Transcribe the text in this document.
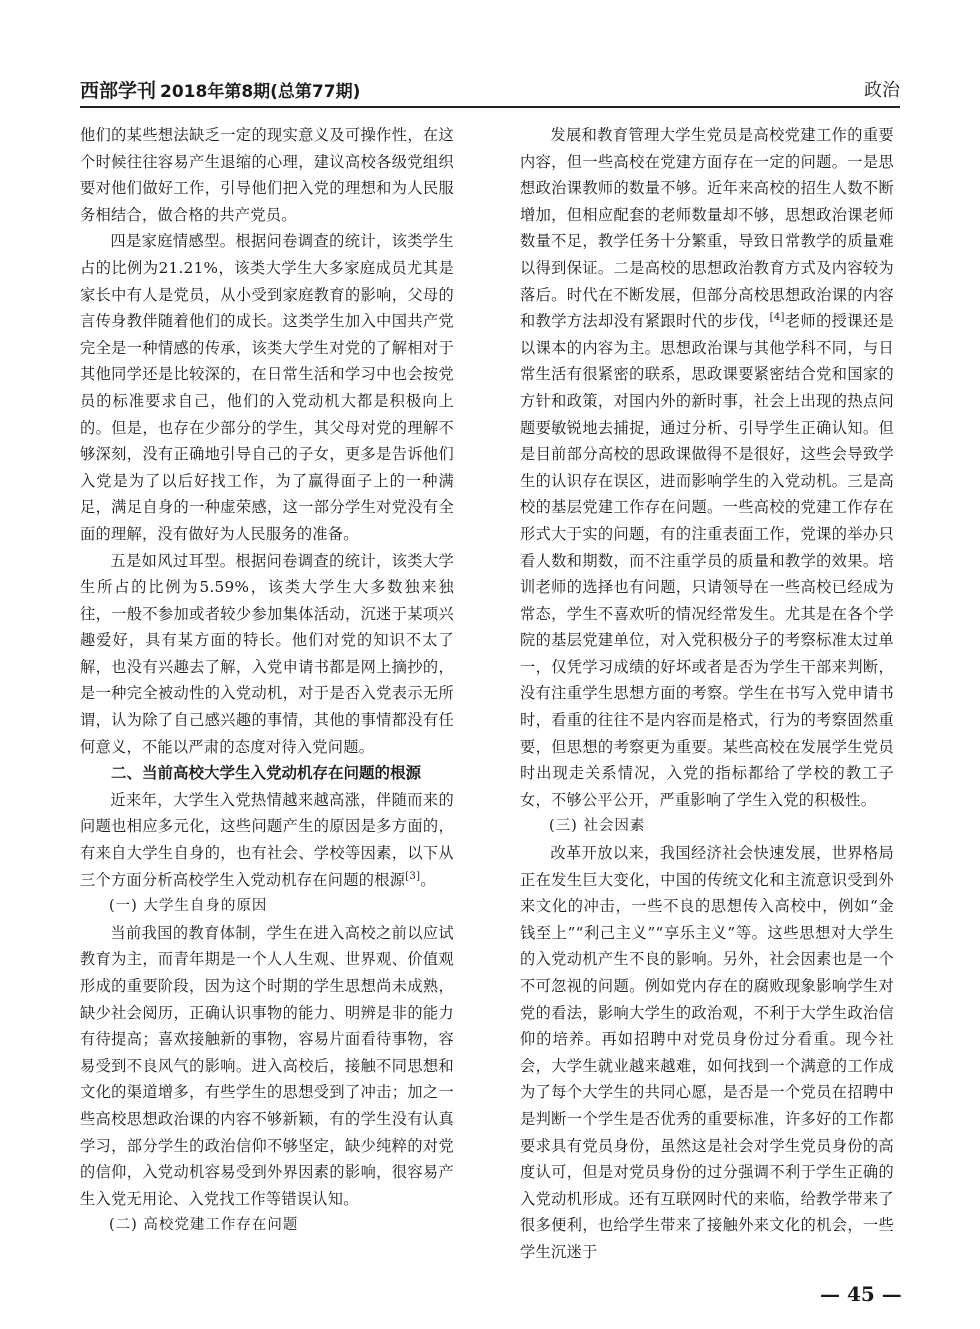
西部学刊 2018年第8期(总第77期)	政治

他们的某些想法缺乏一定的现实意义及可操作性，在这个时候往往容易产生退缩的心理，建议高校各级党组织要对他们做好工作，引导他们把入党的理想和为人民服务相结合，做合格的共产党员。

四是家庭情感型。根据问卷调查的统计，该类学生占的比例为21.21%，该类大学生大多家庭成员尤其是家长中有人是党员，从小受到家庭教育的影响，父母的言传身教伴随着他们的成长。这类学生加入中国共产党完全是一种情感的传承，该类大学生对党的了解相对于其他同学还是比较深的，在日常生活和学习中也会按党员的标准要求自己，他们的入党动机大都是积极向上的。但是，也存在少部分的学生，其父母对党的理解不够深刻，没有正确地引导自己的子女，更多是告诉他们入党是为了以后好找工作，为了赢得面子上的一种满足，满足自身的一种虚荣感，这一部分学生对党没有全面的理解，没有做好为人民服务的准备。

五是如风过耳型。根据问卷调查的统计，该类大学生所占的比例为5.59%，该类大学生大多数独来独往，一般不参加或者较少参加集体活动，沉迷于某项兴趣爱好，具有某方面的特长。他们对党的知识不太了解，也没有兴趣去了解，入党申请书都是网上摘抄的，是一种完全被动性的入党动机，对于是否入党表示无所谓，认为除了自己感兴趣的事情，其他的事情都没有任何意义，不能以严肃的态度对待入党问题。

二、当前高校大学生入党动机存在问题的根源

近来年，大学生入党热情越来越高涨，伴随而来的问题也相应多元化，这些问题产生的原因是多方面的，有来自大学生自身的，也有社会、学校等因素，以下从三个方面分析高校学生入党动机存在问题的根源[3]。

(一) 大学生自身的原因

当前我国的教育体制，学生在进入高校之前以应试教育为主，而青年期是一个人人生观、世界观、价值观形成的重要阶段，因为这个时期的学生思想尚未成熟，缺少社会阅历，正确认识事物的能力、明辨是非的能力有待提高；喜欢接触新的事物，容易片面看待事物，容易受到不良风气的影响。进入高校后，接触不同思想和文化的渠道增多，有些学生的思想受到了冲击；加之一些高校思想政治课的内容不够新颖，有的学生没有认真学习，部分学生的政治信仰不够坚定，缺少纯粹的对党的信仰，入党动机容易受到外界因素的影响，很容易产生入党无用论、入党找工作等错误认知。

(二) 高校党建工作存在问题

发展和教育管理大学生党员是高校党建工作的重要内容，但一些高校在党建方面存在一定的问题。一是思想政治课教师的数量不够。近年来高校的招生人数不断增加，但相应配套的老师数量却不够，思想政治课老师数量不足，教学任务十分繁重，导致日常教学的质量难以得到保证。二是高校的思想政治教育方式及内容较为落后。时代在不断发展，但部分高校思想政治课的内容和教学方法却没有紧跟时代的步伐，[4]老师的授课还是以课本的内容为主。思想政治课与其他学科不同，与日常生活有很紧密的联系，思政课要紧密结合党和国家的方针和政策，对国内外的新时事，社会上出现的热点问题要敏锐地去捕捉，通过分析、引导学生正确认知。但是目前部分高校的思政课做得不是很好，这些会导致学生的认识存在误区，进而影响学生的入党动机。三是高校的基层党建工作存在问题。一些高校的党建工作存在形式大于实的问题，有的注重表面工作，党课的举办只看人数和期数，而不注重学员的质量和教学的效果。培训老师的选择也有问题，只请领导在一些高校已经成为常态，学生不喜欢听的情况经常发生。尤其是在各个学院的基层党建单位，对入党积极分子的考察标准太过单一，仅凭学习成绩的好坏或者是否为学生干部来判断，没有注重学生思想方面的考察。学生在书写入党申请书时，看重的往往不是内容而是格式，行为的考察固然重要，但思想的考察更为重要。某些高校在发展学生党员时出现走关系情况，入党的指标都给了学校的教工子女，不够公平公开，严重影响了学生入党的积极性。

(三) 社会因素

改革开放以来，我国经济社会快速发展，世界格局正在发生巨大变化，中国的传统文化和主流意识受到外来文化的冲击，一些不良的思想传入高校中，例如“金钱至上”“利己主义”“享乐主义”等。这些思想对大学生的入党动机产生不良的影响。另外，社会因素也是一个不可忽视的问题。例如党内存在的腐败现象影响学生对党的看法，影响大学生的政治观，不利于大学生政治信仰的培养。再如招聘中对党员身份过分看重。现今社会，大学生就业越来越难，如何找到一个满意的工作成为了每个大学生的共同心愿，是否是一个党员在招聘中是判断一个学生是否优秀的重要标准，许多好的工作都要求具有党员身份，虽然这是社会对学生党员身份的高度认可，但是对党员身份的过分强调不利于学生正确的入党动机形成。还有互联网时代的来临，给教学带来了很多便利，也给学生带来了接触外来文化的机会，一些学生沉迷于

— 45 —
